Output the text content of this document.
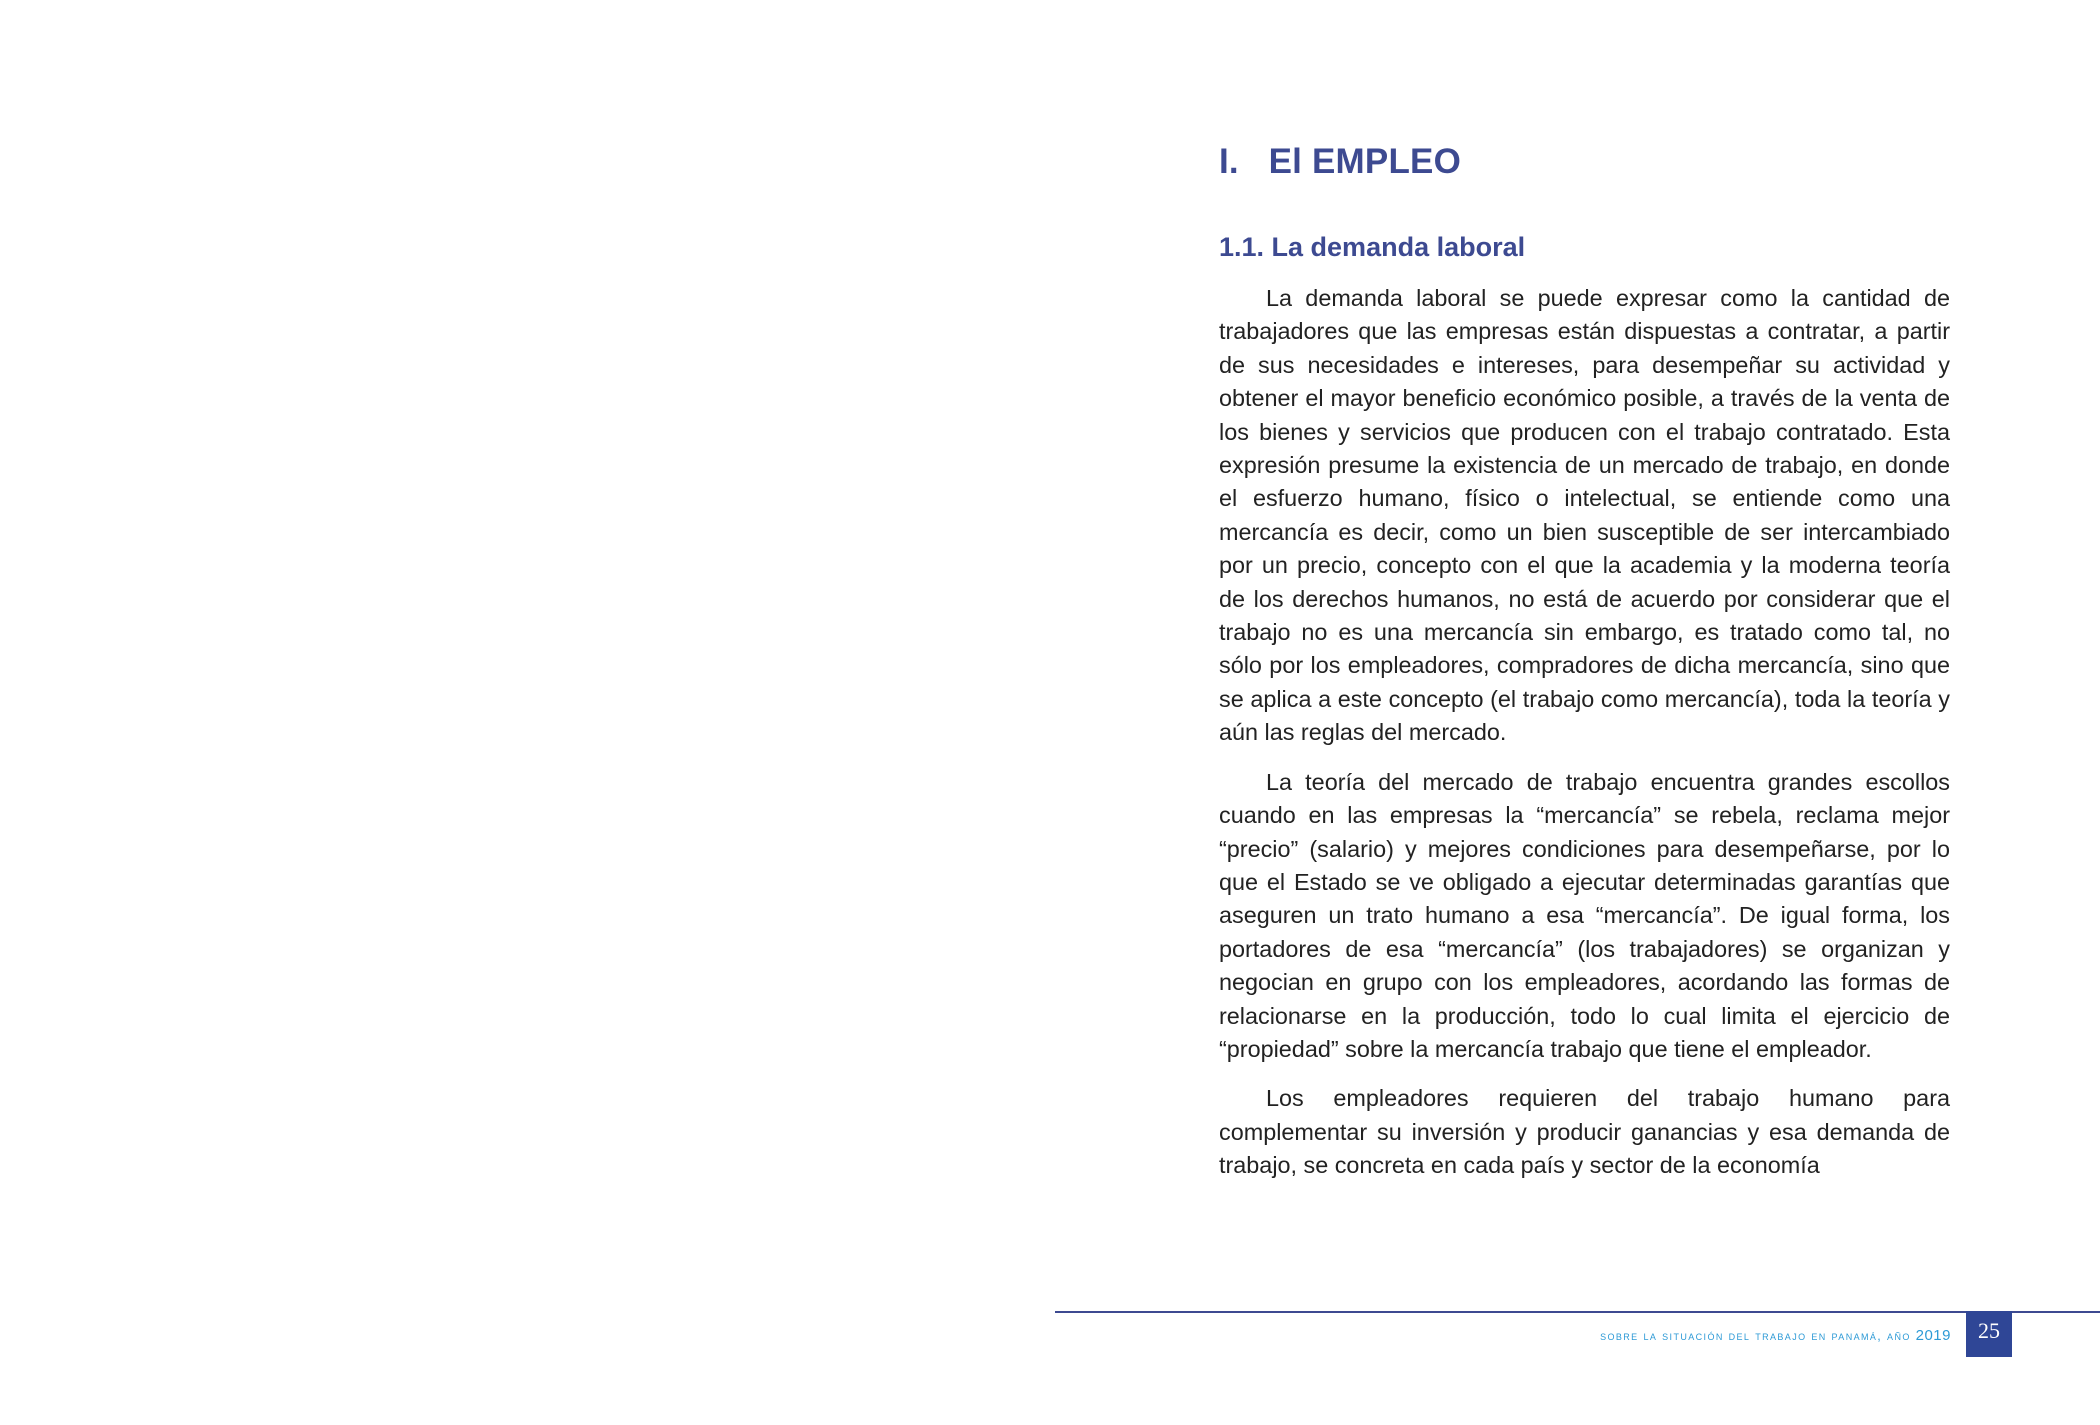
I.   El EMPLEO
1.1. La demanda laboral

La demanda laboral se puede expresar como la cantidad de trabajadores que las empresas están dispuestas a contratar, a partir de sus necesidades e intereses, para desempeñar su actividad y obtener el mayor beneficio económico posible, a través de la venta de los bienes y servicios que producen con el trabajo contratado. Esta expresión presume la existencia de un mercado de trabajo, en donde el esfuerzo humano, físico o intelectual, se entiende como una mercancía es decir, como un bien susceptible de ser intercambiado por un precio, concepto con el que la academia y la moderna teoría de los derechos humanos, no está de acuerdo por considerar que el trabajo no es una mercancía sin embargo, es tratado como tal, no sólo por los empleadores, compradores de dicha mercancía, sino que se aplica a este concepto (el trabajo como mercancía), toda la teoría y aún las reglas del mercado.

La teoría del mercado de trabajo encuentra grandes escollos cuando en las empresas la “mercancía” se rebela, reclama mejor “precio” (salario) y mejores condiciones para desempeñarse, por lo que el Estado se ve obligado a ejecutar determinadas garantías que aseguren un trato humano a esa “mercancía”. De igual forma, los portadores de esa “mercancía” (los trabajadores) se organizan y negocian en grupo con los empleadores, acordando las formas de relacionarse en la producción, todo lo cual limita el ejercicio de “propiedad” sobre la mercancía trabajo que tiene el empleador.

Los empleadores requieren del trabajo humano para complementar su inversión y producir ganancias y esa demanda de trabajo, se concreta en cada país y sector de la economía

sobre la situación del trabajo en panamá, año 2019	25
